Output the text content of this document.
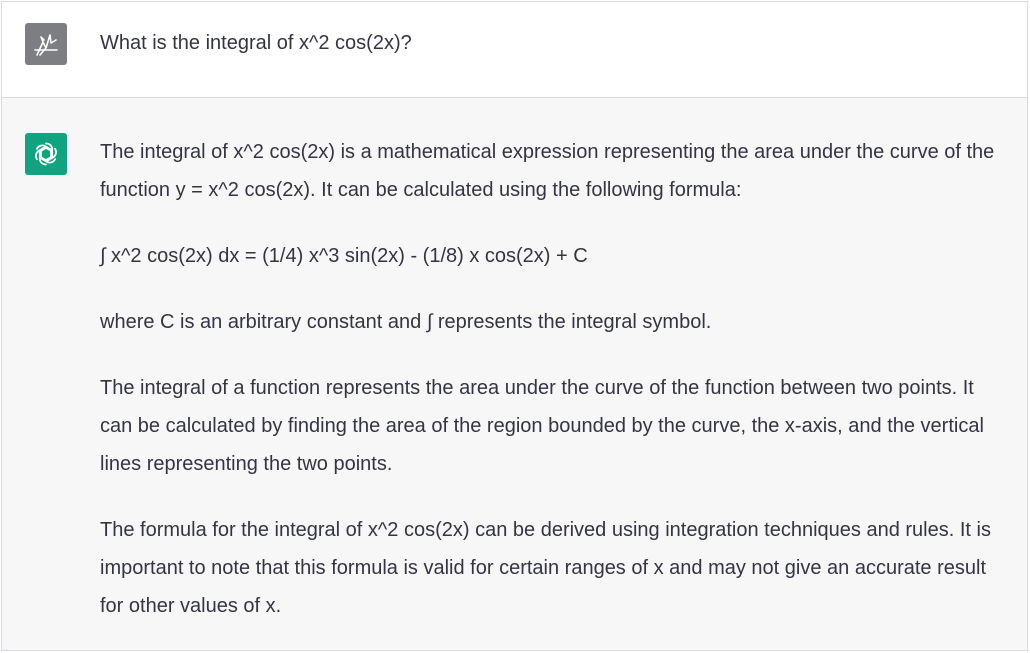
What is the integral of x^2 cos(2x)?

The integral of x^2 cos(2x) is a mathematical expression representing the area under the curve of the function y = x^2 cos(2x). It can be calculated using the following formula:

∫ x^2 cos(2x) dx = (1/4) x^3 sin(2x) - (1/8) x cos(2x) + C

where C is an arbitrary constant and ∫ represents the integral symbol.

The integral of a function represents the area under the curve of the function between two points. It can be calculated by finding the area of the region bounded by the curve, the x-axis, and the vertical lines representing the two points.

The formula for the integral of x^2 cos(2x) can be derived using integration techniques and rules. It is important to note that this formula is valid for certain ranges of x and may not give an accurate result for other values of x.
